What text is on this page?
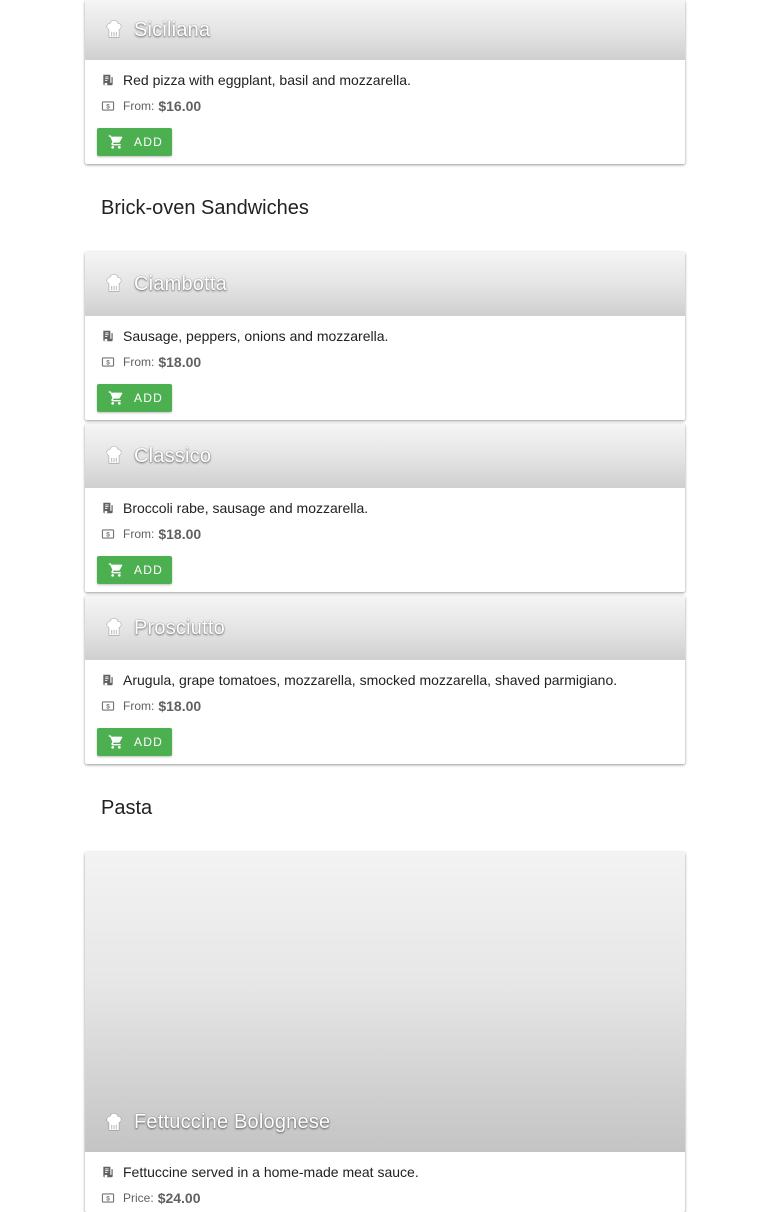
Siciliana
Red pizza with eggplant, basil and mozzarella.
From: $16.00
ADD
Brick-oven Sandwiches
Ciambotta
Sausage, peppers, onions and mozzarella.
From: $18.00
ADD
Classico
Broccoli rabe, sausage and mozzarella.
From: $18.00
ADD
Prosciutto
Arugula, grape tomatoes, mozzarella, smocked mozzarella, shaved parmigiano.
From: $18.00
ADD
Pasta
Fettuccine Bolognese
Fettuccine served in a home-made meat sauce.
Price: $24.00
